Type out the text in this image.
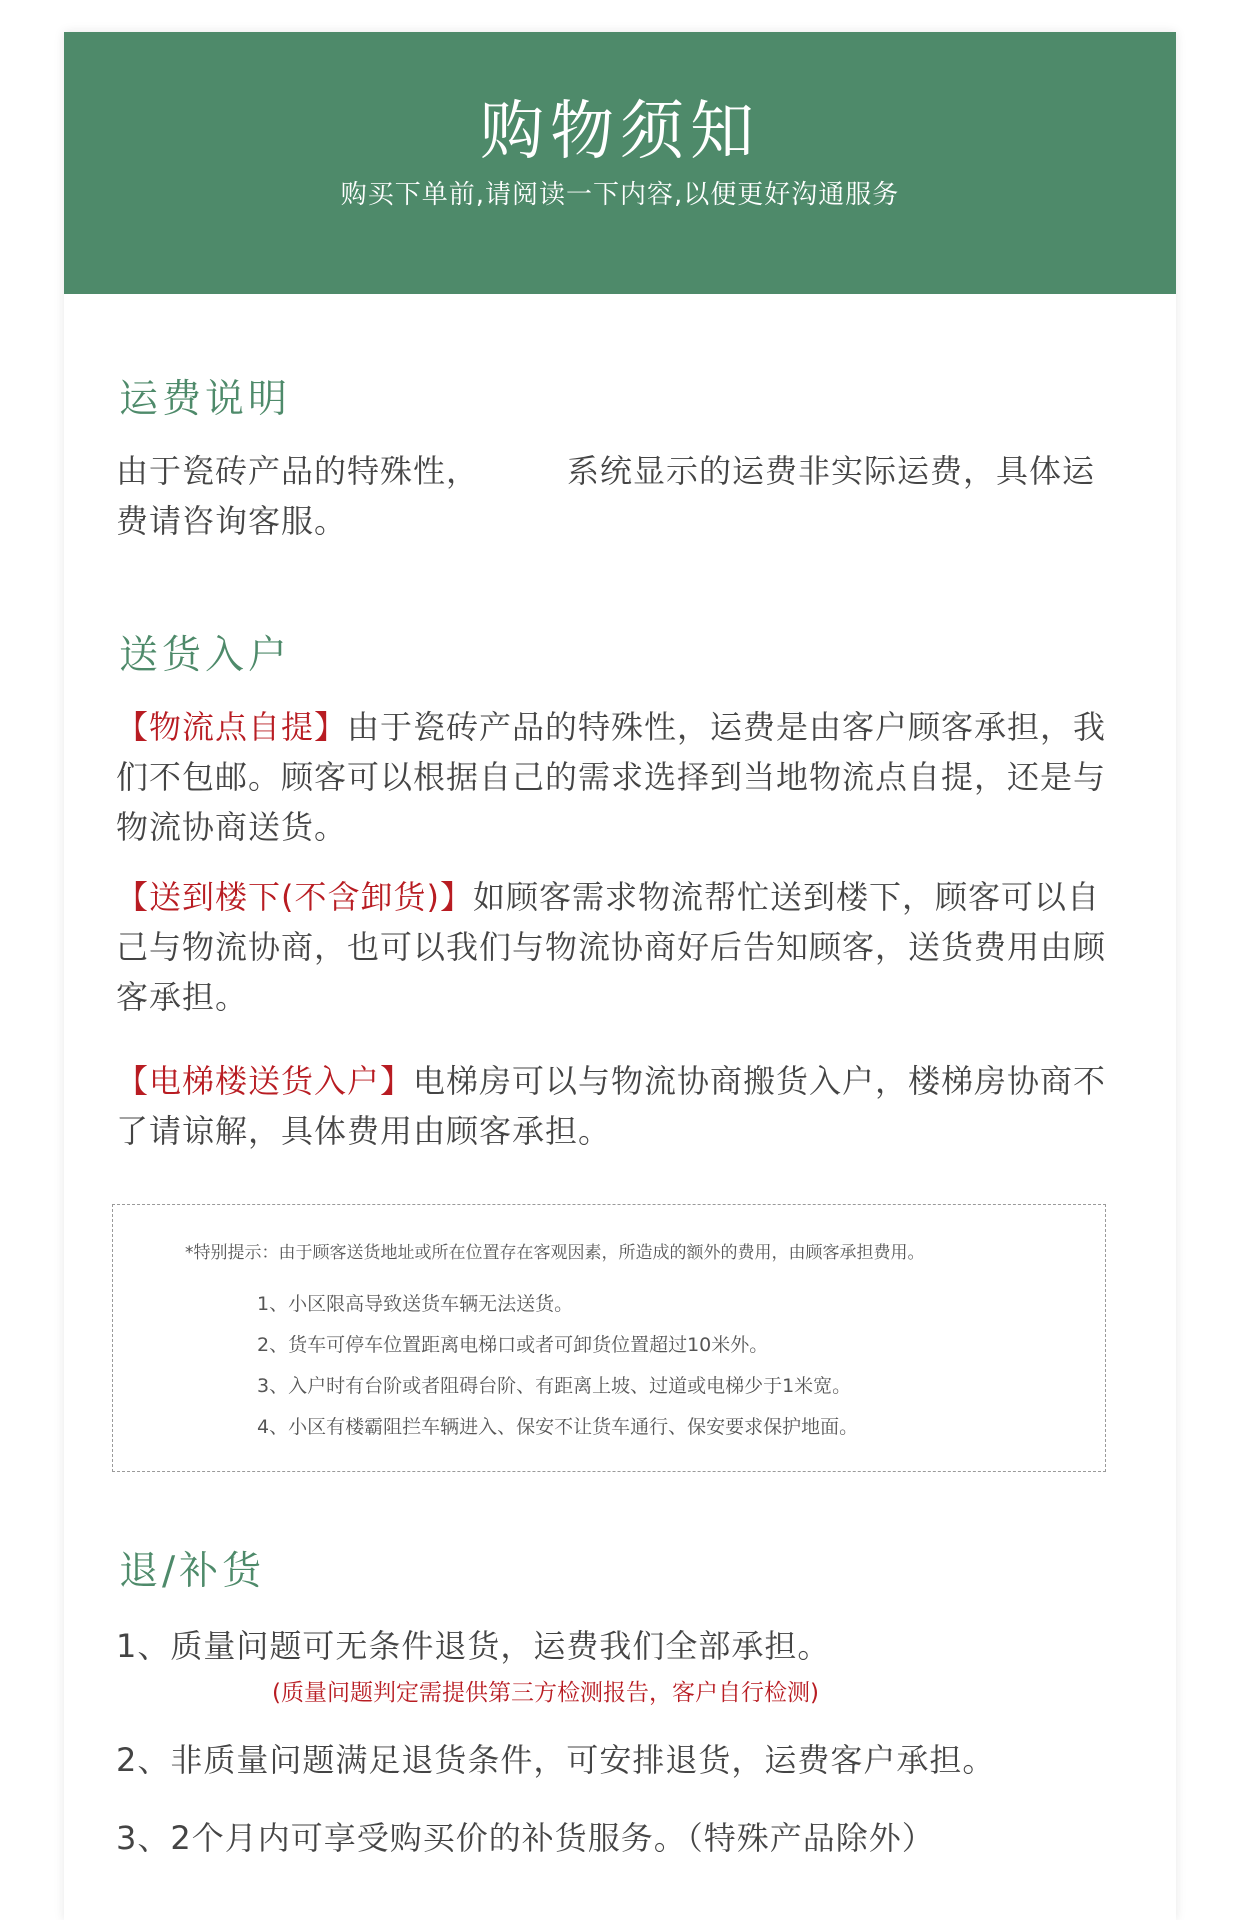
购物须知
购买下单前,请阅读一下内容,以便更好沟通服务
运费说明
由于瓷砖产品的特殊性，	系统显示的运费非实际运费，具体运费请咨询客服。
送货入户
【物流点自提】由于瓷砖产品的特殊性，运费是由客户顾客承担，我们不包邮。顾客可以根据自己的需求选择到当地物流点自提，还是与物流协商送货。
【送到楼下(不含卸货)】如顾客需求物流帮忙送到楼下，顾客可以自己与物流协商，也可以我们与物流协商好后告知顾客，送货费用由顾客承担。
【电梯楼送货入户】电梯房可以与物流协商搬货入户，楼梯房协商不了请谅解，具体费用由顾客承担。
*特别提示：由于顾客送货地址或所在位置存在客观因素，所造成的额外的费用，由顾客承担费用。
1、小区限高导致送货车辆无法送货。
2、货车可停车位置距离电梯口或者可卸货位置超过10米外。
3、入户时有台阶或者阻碍台阶、有距离上坡、过道或电梯少于1米宽。
4、小区有楼霸阻拦车辆进入、保安不让货车通行、保安要求保护地面。
退/补货
1、质量问题可无条件退货，运费我们全部承担。
(质量问题判定需提供第三方检测报告，客户自行检测)
2、非质量问题满足退货条件，可安排退货，运费客户承担。
3、2个月内可享受购买价的补货服务。（特殊产品除外）
